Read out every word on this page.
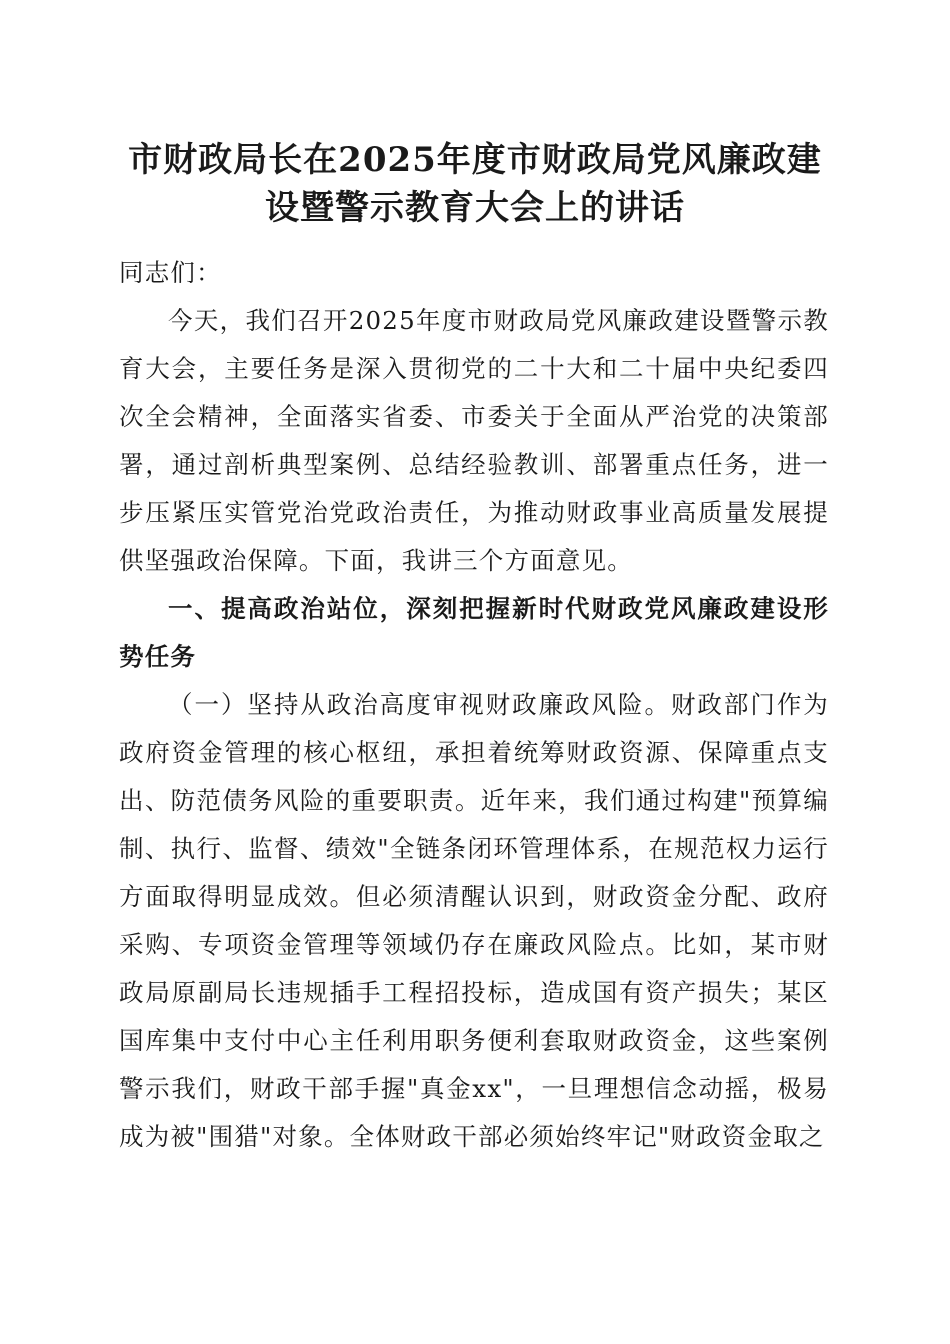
市财政局长在2025年度市财政局党风廉政建
设暨警示教育大会上的讲话

同志们：

今天，我们召开2025年度市财政局党风廉政建设暨警示教育大会，主要任务是深入贯彻党的二十大和二十届中央纪委四次全会精神，全面落实省委、市委关于全面从严治党的决策部署，通过剖析典型案例、总结经验教训、部署重点任务，进一步压紧压实管党治党政治责任，为推动财政事业高质量发展提供坚强政治保障。下面，我讲三个方面意见。

一、提高政治站位，深刻把握新时代财政党风廉政建设形势任务

（一）坚持从政治高度审视财政廉政风险。财政部门作为政府资金管理的核心枢纽，承担着统筹财政资源、保障重点支出、防范债务风险的重要职责。近年来，我们通过构建"预算编制、执行、监督、绩效"全链条闭环管理体系，在规范权力运行方面取得明显成效。但必须清醒认识到，财政资金分配、政府采购、专项资金管理等领域仍存在廉政风险点。比如，某市财政局原副局长违规插手工程招投标，造成国有资产损失；某区国库集中支付中心主任利用职务便利套取财政资金，这些案例警示我们，财政干部手握"真金xx"，一旦理想信念动摇，极易成为被"围猎"对象。全体财政干部必须始终牢记"财政资金取之
